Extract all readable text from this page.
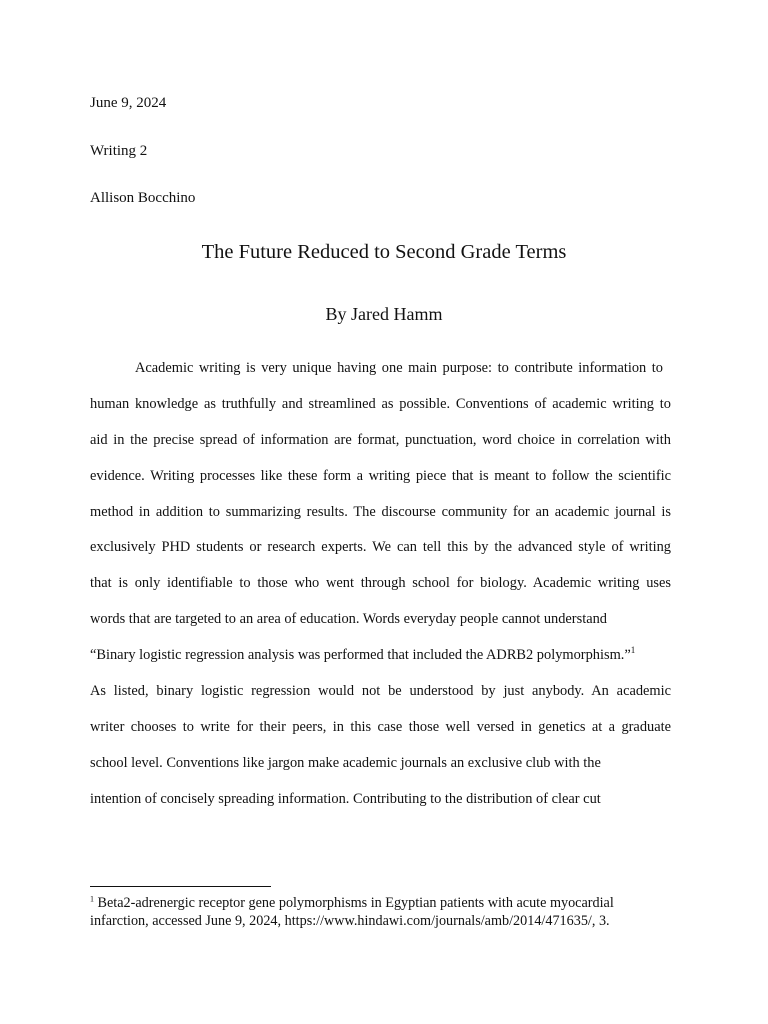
June 9, 2024
Writing 2
Allison Bocchino
The Future Reduced to Second Grade Terms
By Jared Hamm
Academic writing is very unique having one main purpose: to contribute information to
human knowledge as truthfully and streamlined as possible. Conventions of academic writing to
aid in the precise spread of information are format, punctuation, word choice in correlation with
evidence. Writing processes like these form a writing piece that is meant to follow the scientific
method in addition to summarizing results. The discourse community for an academic journal is
exclusively PHD students or research experts. We can tell this by the advanced style of writing
that is only identifiable to those who went through school for biology. Academic writing uses
words that are targeted to an area of education. Words everyday people cannot understand
“Binary logistic regression analysis was performed that included the ADRB2 polymorphism.”$^1$
As listed, binary logistic regression would not be understood by just anybody. An academic
writer chooses to write for their peers, in this case those well versed in genetics at a graduate
school level. Conventions like jargon make academic journals an exclusive club with the
intention of concisely spreading information. Contributing to the distribution of clear cut
$^1$ Beta2-adrenergic receptor gene polymorphisms in Egyptian patients with acute myocardial
infarction, accessed June 9, 2024, https://www.hindawi.com/journals/amb/2014/471635/, 3.
